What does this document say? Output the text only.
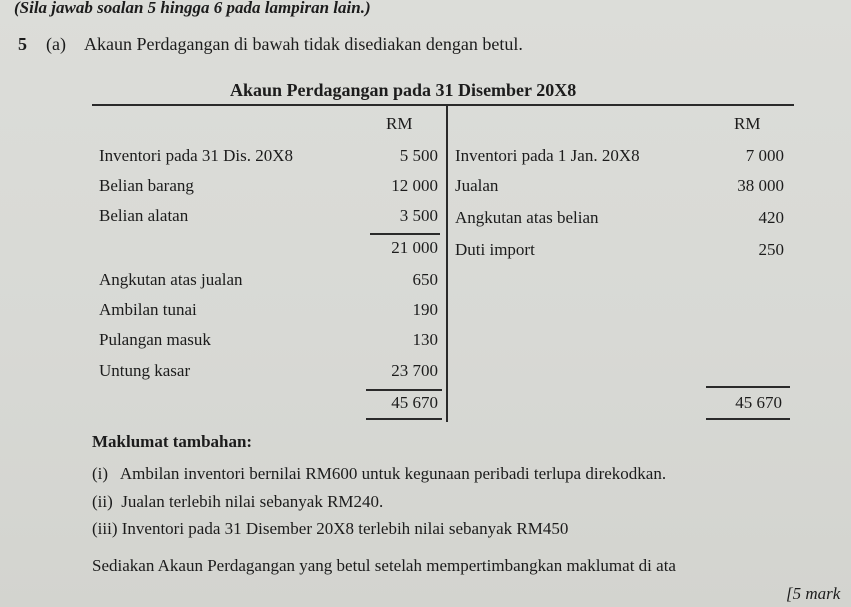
(Sila jawab soalan 5 hingga 6 pada lampiran lain.)
5 (a) Akaun Perdagangan di bawah tidak disediakan dengan betul.
Akaun Perdagangan pada 31 Disember 20X8
RM	RM
Inventori pada 31 Dis. 20X8
Belian barang
Belian alatan
Angkutan atas jualan
Ambilan tunai
Pulangan masuk
Untung kasar
5 500
12 000
3 500
21 000
650
190
130
23 700
45 670
Inventori pada 1 Jan. 20X8
Jualan
Angkutan atas belian
Duti import
7 000
38 000
420
250
45 670
Maklumat tambahan:
(i)   Ambilan inventori bernilai RM600 untuk kegunaan peribadi terlupa direkodkan.
(ii)  Jualan terlebih nilai sebanyak RM240.
(iii) Inventori pada 31 Disember 20X8 terlebih nilai sebanyak RM450
Sediakan Akaun Perdagangan yang betul setelah mempertimbangkan maklumat di ata
[5 mark
